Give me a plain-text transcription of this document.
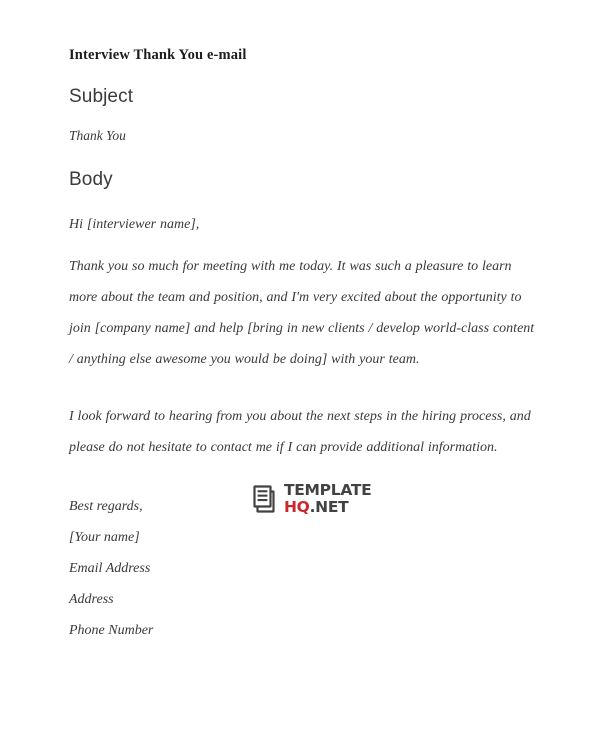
Interview Thank You e-mail
Subject

Thank You

Body

Hi [interviewer name],

Thank you so much for meeting with me today. It was such a pleasure to learn more about the team and position, and I'm very excited about the opportunity to join [company name] and help [bring in new clients / develop world-class content / anything else awesome you would be doing] with your team.

I look forward to hearing from you about the next steps in the hiring process, and please do not hesitate to contact me if I can provide additional information.

Best regards,

[Your name]

Email Address

Address

Phone Number

TEMPLATE
HQ.NET
